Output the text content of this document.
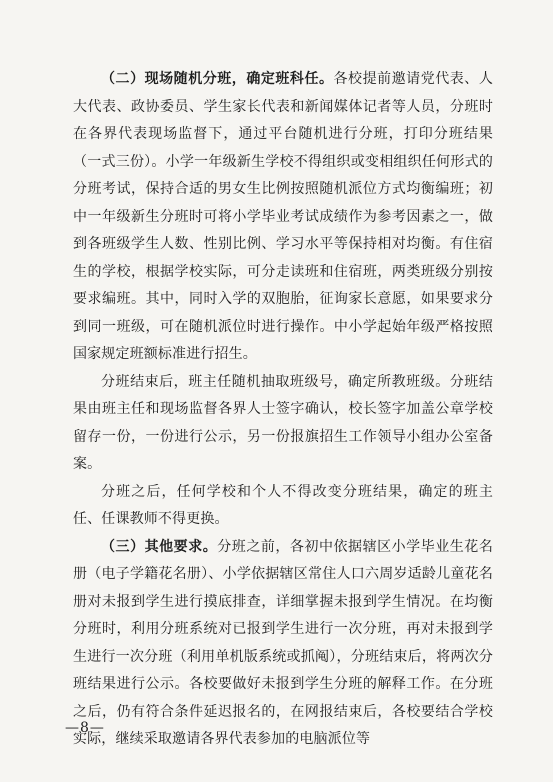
（二）现场随机分班，确定班科任。各校提前邀请党代表、人大代表、政协委员、学生家长代表和新闻媒体记者等人员，分班时在各界代表现场监督下，通过平台随机进行分班，打印分班结果（一式三份）。小学一年级新生学校不得组织或变相组织任何形式的分班考试，保持合适的男女生比例按照随机派位方式均衡编班；初中一年级新生分班时可将小学毕业考试成绩作为参考因素之一，做到各班级学生人数、性别比例、学习水平等保持相对均衡。有住宿生的学校，根据学校实际，可分走读班和住宿班，两类班级分别按要求编班。其中，同时入学的双胞胎，征询家长意愿，如果要求分到同一班级，可在随机派位时进行操作。中小学起始年级严格按照国家规定班额标准进行招生。

分班结束后，班主任随机抽取班级号，确定所教班级。分班结果由班主任和现场监督各界人士签字确认，校长签字加盖公章学校留存一份，一份进行公示，另一份报旗招生工作领导小组办公室备案。

分班之后，任何学校和个人不得改变分班结果，确定的班主任、任课教师不得更换。

（三）其他要求。分班之前，各初中依据辖区小学毕业生花名册（电子学籍花名册）、小学依据辖区常住人口六周岁适龄儿童花名册对未报到学生进行摸底排查，详细掌握未报到学生情况。在均衡分班时，利用分班系统对已报到学生进行一次分班，再对未报到学生进行一次分班（利用单机版系统或抓阄），分班结束后，将两次分班结果进行公示。各校要做好未报到学生分班的解释工作。在分班之后，仍有符合条件延迟报名的，在网报结束后，各校要结合学校实际，继续采取邀请各界代表参加的电脑派位等

—8—
